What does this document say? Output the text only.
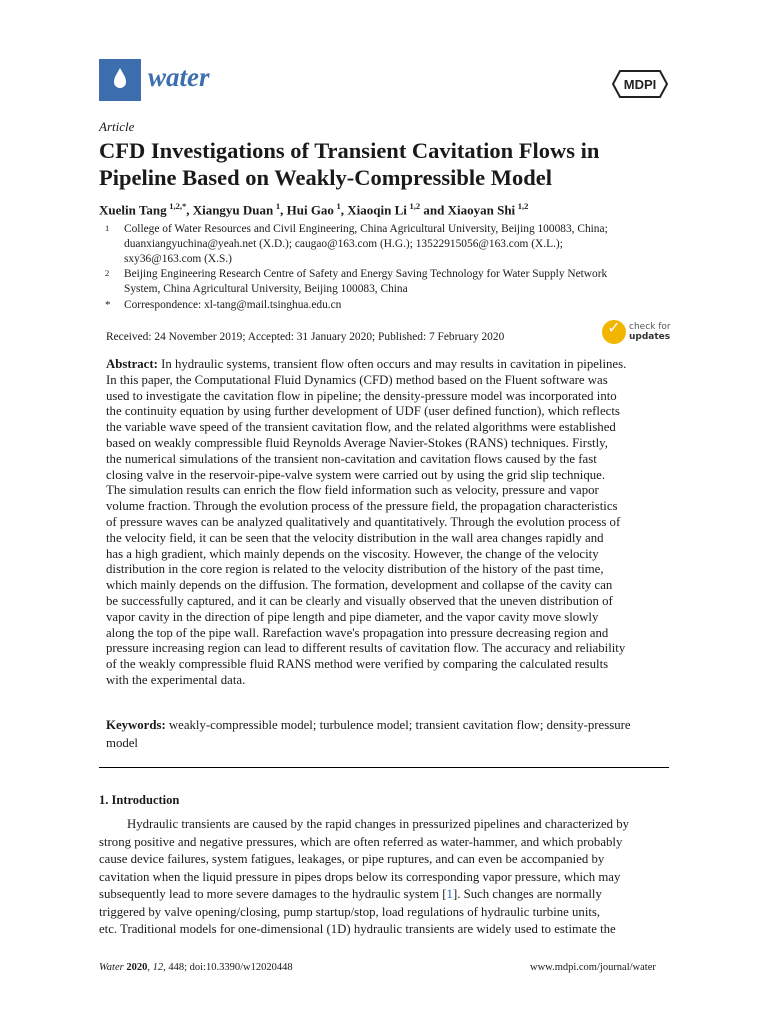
water	MDPI
Article
CFD Investigations of Transient Cavitation Flows in Pipeline Based on Weakly-Compressible Model
Xuelin Tang  $^{1,2,*}$, Xiangyu Duan  $^1$, Hui Gao  $^1$, Xiaoqin Li  $^{1,2}$ and Xiaoyan Shi  $^{1,2}$
1 College of Water Resources and Civil Engineering, China Agricultural University, Beijing 100083, China;
duanxiangyuchina@yeah.net (X.D.); caugao@163.com (H.G.); 13522915056@163.com (X.L.);
sxy36@163.com (X.S.)
2 Beijing Engineering Research Centre of Safety and Energy Saving Technology for Water Supply Network
System, China Agricultural University, Beijing 100083, China
* Correspondence: xl-tang@mail.tsinghua.edu.cn
Received: 24 November 2019; Accepted: 31 January 2020; Published: 7 February 2020	✓ check for
updates
Abstract: In hydraulic systems, transient flow often occurs and may results in cavitation in pipelines.
In this paper, the Computational Fluid Dynamics (CFD) method based on the Fluent software was
used to investigate the cavitation flow in pipeline; the density-pressure model was incorporated into
the continuity equation by using further development of UDF (user defined function), which reflects
the variable wave speed of the transient cavitation flow, and the related algorithms were established
based on weakly compressible fluid Reynolds Average Navier-Stokes (RANS) techniques. Firstly,
the numerical simulations of the transient non-cavitation and cavitation flows caused by the fast
closing valve in the reservoir-pipe-valve system were carried out by using the grid slip technique.
The simulation results can enrich the flow field information such as velocity, pressure and vapor
volume fraction. Through the evolution process of the pressure field, the propagation characteristics
of pressure waves can be analyzed qualitatively and quantitatively. Through the evolution process of
the velocity field, it can be seen that the velocity distribution in the wall area changes rapidly and
has a high gradient, which mainly depends on the viscosity. However, the change of the velocity
distribution in the core region is related to the velocity distribution of the history of the past time,
which mainly depends on the diffusion. The formation, development and collapse of the cavity can
be successfully captured, and it can be clearly and visually observed that the uneven distribution of
vapor cavity in the direction of pipe length and pipe diameter, and the vapor cavity move slowly
along the top of the pipe wall. Rarefaction wave's propagation into pressure decreasing region and
pressure increasing region can lead to different results of cavitation flow. The accuracy and reliability
of the weakly compressible fluid RANS method were verified by comparing the calculated results
with the experimental data.
Keywords: weakly-compressible model; turbulence model; transient cavitation flow; density-pressure
model
1. Introduction
Hydraulic transients are caused by the rapid changes in pressurized pipelines and characterized by
strong positive and negative pressures, which are often referred as water-hammer, and which probably
cause device failures, system fatigues, leakages, or pipe ruptures, and can even be accompanied by
cavitation when the liquid pressure in pipes drops below its corresponding vapor pressure, which may
subsequently lead to more severe damages to the hydraulic system [1]. Such changes are normally
triggered by valve opening/closing, pump startup/stop, load regulations of hydraulic turbine units,
etc. Traditional models for one-dimensional (1D) hydraulic transients are widely used to estimate the
Water 2020, 12, 448; doi:10.3390/w12020448	www.mdpi.com/journal/water
